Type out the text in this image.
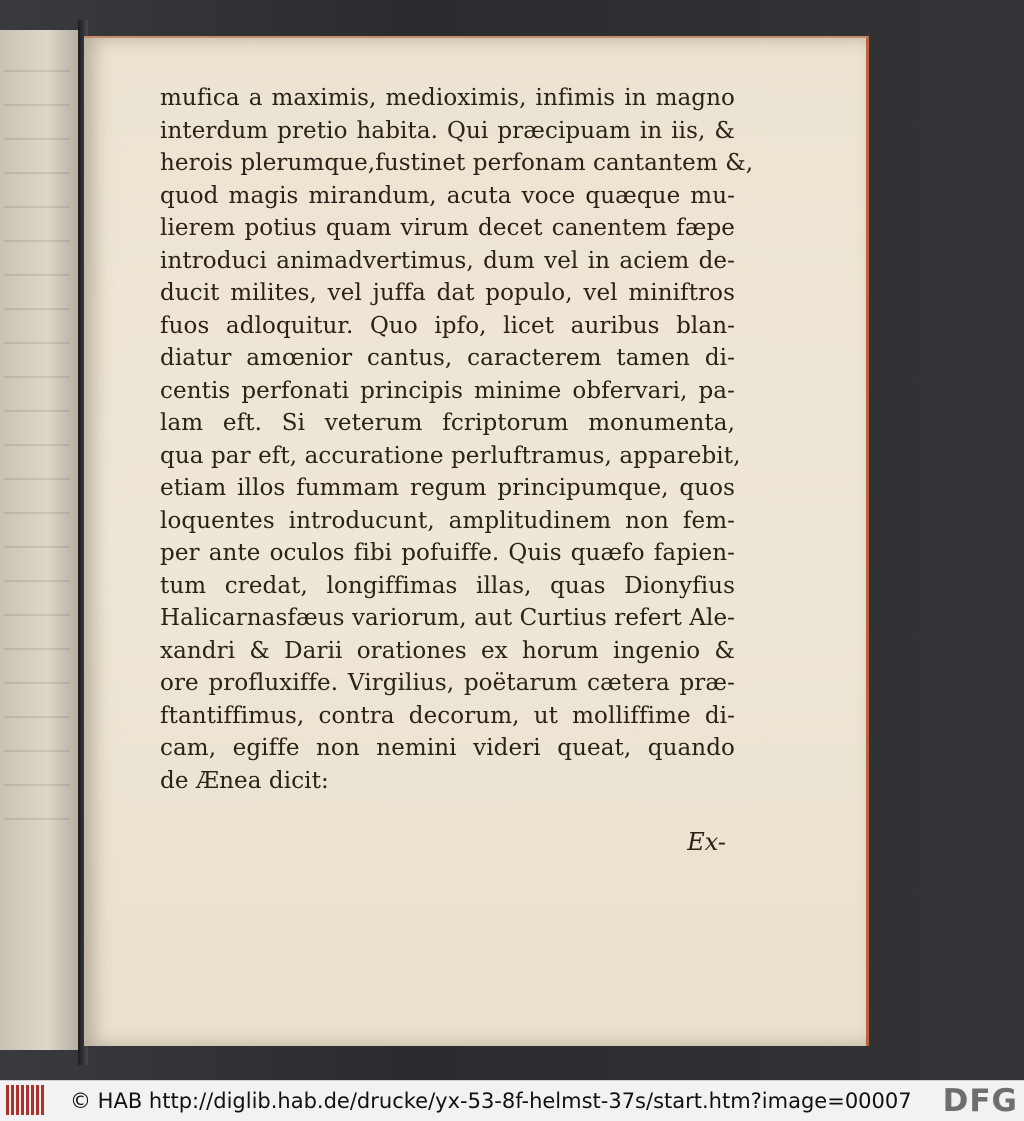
mufica a maximis, medioximis, infimis in magno
interdum pretio habita. Qui præcipuam in iis, &
herois plerumque,fustinet perfonam cantantem &,
quod magis mirandum, acuta voce quæque mu-
lierem potius quam virum decet canentem fæpe
introduci animadvertimus, dum vel in aciem de-
ducit milites, vel juffa dat populo, vel miniftros
fuos adloquitur. Quo ipfo, licet auribus blan-
diatur amœnior cantus, caracterem tamen di-
centis perfonati principis minime obfervari, pa-
lam eft. Si veterum fcriptorum monumenta,
qua par eft, accuratione perluftramus, apparebit,
etiam illos fummam regum principumque, quos
loquentes introducunt, amplitudinem non fem-
per ante oculos fibi pofuiffe. Quis quæfo fapien-
tum credat, longiffimas illas, quas Dionyfius
Halicarnasfæus variorum, aut Curtius refert Ale-
xandri & Darii orationes ex horum ingenio &
ore profluxiffe. Virgilius, poëtarum cætera præ-
ftantiffimus, contra decorum, ut molliffime di-
cam, egiffe non nemini videri queat, quando
de Ænea dicit:
Ex-
© HAB http://diglib.hab.de/drucke/yx-53-8f-helmst-37s/start.htm?image=00007 DFG
